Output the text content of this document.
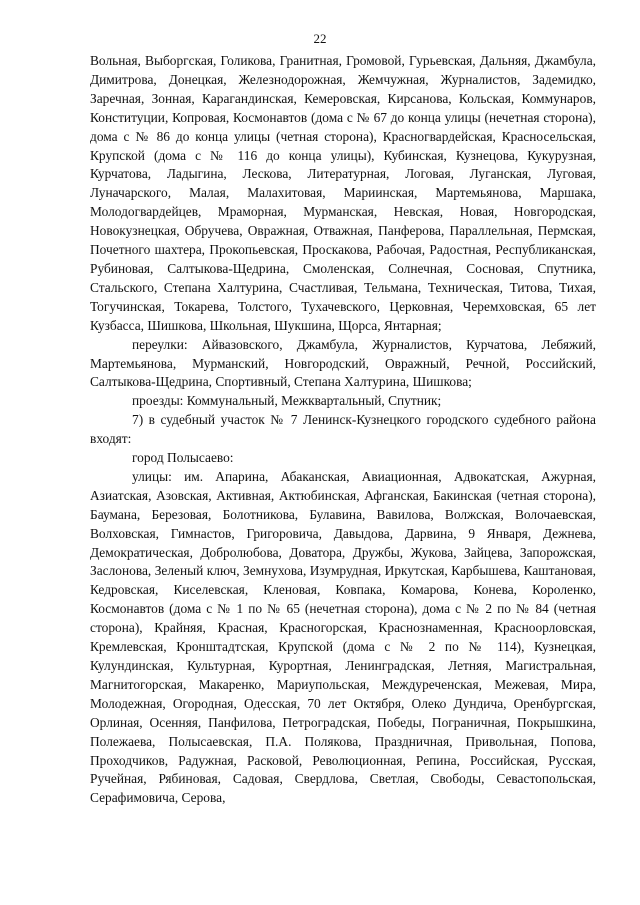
22

Вольная, Выборгская, Голикова, Гранитная, Громовой, Гурьевская, Дальняя, Джамбула, Димитрова, Донецкая, Железнодорожная, Жемчужная, Журналистов, Задемидко, Заречная, Зонная, Карагандинская, Кемеровская, Кирсанова, Кольская, Коммунаров, Конституции, Копровая, Космонавтов (дома с № 67 до конца улицы (нечетная сторона), дома с № 86 до конца улицы (четная сторона), Красногвардейская, Красносельская, Крупской (дома с № 116 до конца улицы), Кубинская, Кузнецова, Кукурузная, Курчатова, Ладыгина, Лескова, Литературная, Логовая, Луганская, Луговая, Луначарского, Малая, Малахитовая, Мариинская, Мартемьянова, Маршака, Молодогвардейцев, Мраморная, Мурманская, Невская, Новая, Новгородская, Новокузнецкая, Обручева, Овражная, Отважная, Панферова, Параллельная, Пермская, Почетного шахтера, Прокопьевская, Проскакова, Рабочая, Радостная, Республиканская, Рубиновая, Салтыкова-Щедрина, Смоленская, Солнечная, Сосновая, Спутника, Стальского, Степана Халтурина, Счастливая, Тельмана, Техническая, Титова, Тихая, Тогучинская, Токарева, Толстого, Тухачевского, Церковная, Черемховская, 65 лет Кузбасса, Шишкова, Школьная, Шукшина, Щорса, Янтарная;

переулки: Айвазовского, Джамбула, Журналистов, Курчатова, Лебяжий, Мартемьянова, Мурманский, Новгородский, Овражный, Речной, Российский, Салтыкова-Щедрина, Спортивный, Степана Халтурина, Шишкова;

проезды: Коммунальный, Межквартальный, Спутник;

7) в судебный участок № 7 Ленинск-Кузнецкого городского судебного района входят:

город Полысаево:

улицы: им. Апарина, Абаканская, Авиационная, Адвокатская, Ажурная, Азиатская, Азовская, Активная, Актюбинская, Афганская, Бакинская (четная сторона), Баумана, Березовая, Болотникова, Булавина, Вавилова, Волжская, Волочаевская, Волховская, Гимнастов, Григоровича, Давыдова, Дарвина, 9 Января, Дежнева, Демократическая, Добролюбова, Доватора, Дружбы, Жукова, Зайцева, Запорожская, Заслонова, Зеленый ключ, Земнухова, Изумрудная, Иркутская, Карбышева, Каштановая, Кедровская, Киселевская, Кленовая, Ковпака, Комарова, Конева, Короленко, Космонавтов (дома с № 1 по № 65 (нечетная сторона), дома с № 2 по № 84 (четная сторона), Крайняя, Красная, Красногорская, Краснознаменная, Красноорловская, Кремлевская, Кронштадтская, Крупской (дома с № 2 по № 114), Кузнецкая, Кулундинская, Культурная, Курортная, Ленинградская, Летняя, Магистральная, Магнитогорская, Макаренко, Мариупольская, Междуреченская, Межевая, Мира, Молодежная, Огородная, Одесская, 70 лет Октября, Олеко Дундича, Оренбургская, Орлиная, Осенняя, Панфилова, Петроградская, Победы, Пограничная, Покрышкина, Полежаева, Полысаевская, П.А. Полякова, Праздничная, Привольная, Попова, Проходчиков, Радужная, Расковой, Революционная, Репина, Российская, Русская, Ручейная, Рябиновая, Садовая, Свердлова, Светлая, Свободы, Севастопольская, Серафимовича, Серова,
